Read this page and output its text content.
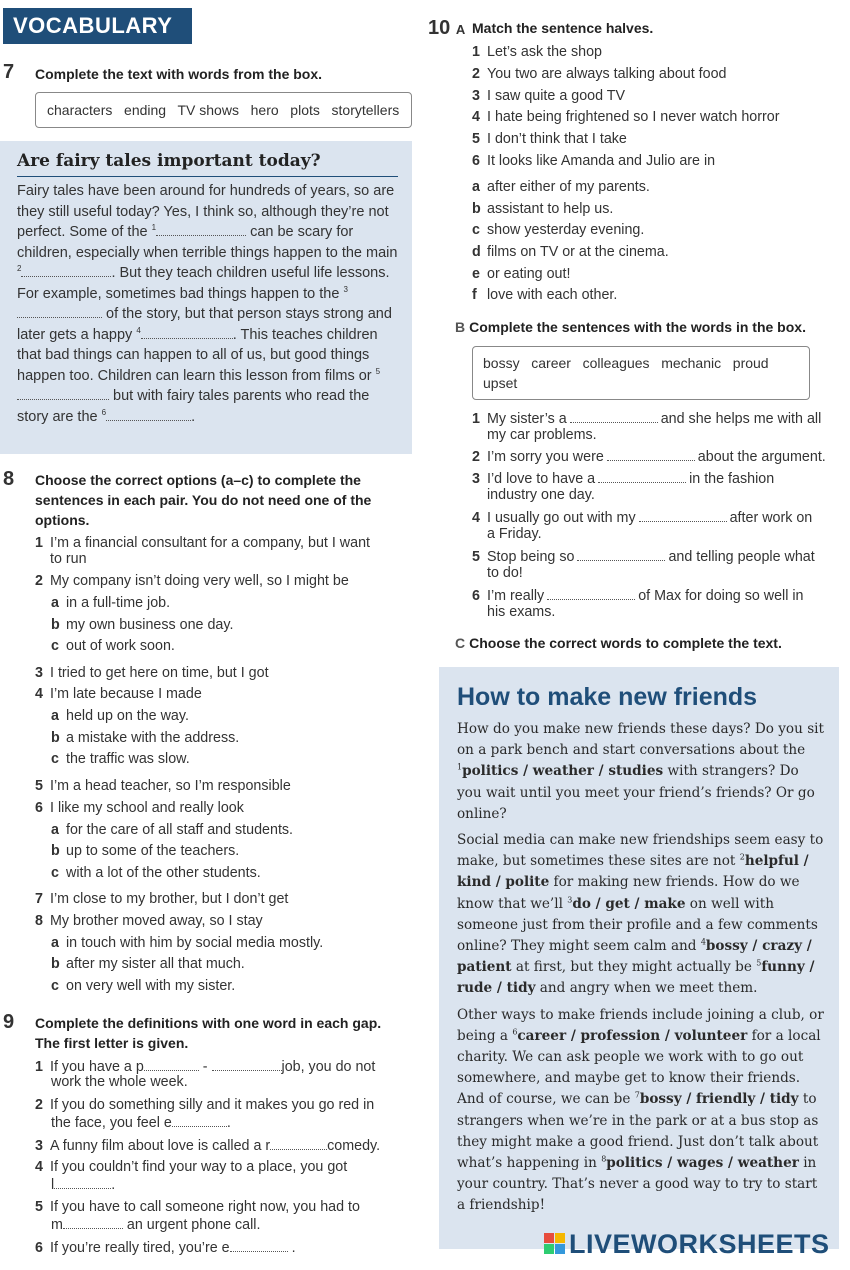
VOCABULARY
7 Complete the text with words from the box.
characters   ending   TV shows   hero   plots   storytellers
Are fairy tales important today?
Fairy tales have been around for hundreds of years, so are they still useful today? Yes, I think so, although they’re not perfect. Some of the $^1$	can be scary for children, especially when terrible things happen to the main $^2$	. But they teach children useful life lessons. For example, sometimes bad things happen to the $^3$ of the story, but that person stays strong and later gets a happy $^4$	. This teaches children that bad things can happen to all of us, but good things happen too. Children can learn this lesson from films or $^5$ but with fairy tales parents who read the story are the $^6$	.
8 Choose the correct options (a–c) to complete the
sentences in each pair. You do not need one of the
options.
1 I’m a financial consultant for a company, but I want
to run
2 My company isn’t doing very well, so I might be
a in a full-time job.
b my own business one day.
c out of work soon.
3 I tried to get here on time, but I got
4 I’m late because I made
a held up on the way.
b a mistake with the address.
c the traffic was slow.
5 I’m a head teacher, so I’m responsible
6 I like my school and really look
a for the care of all staff and students.
b up to some of the teachers.
c with a lot of the other students.
7 I’m close to my brother, but I don’t get
8 My brother moved away, so I stay
a in touch with him by social media mostly.
b after my sister all that much.
c on very well with my sister.
9 Complete the definitions with one word in each gap.
The first letter is given.
1 If you have a p	-	job, you do not
work the whole week.
2 If you do something silly and it makes you go red in
the face, you feel e	.
3 A funny film about love is called a r	comedy.
4 If you couldn’t find your way to a place, you got
l	.
5 If you have to call someone right now, you had to
m	an urgent phone call.
6 If you’re really tired, you’re e	.
10 A Match the sentence halves.
1 Let’s ask the shop
2 You two are always talking about food
3 I saw quite a good TV
4 I hate being frightened so I never watch horror
5 I don’t think that I take
6 It looks like Amanda and Julio are in
a after either of my parents.
b assistant to help us.
c show yesterday evening.
d films on TV or at the cinema.
e or eating out!
f love with each other.
B Complete the sentences with the words in the box.
bossy   career   colleagues   mechanic   proud
upset
1 My sister’s a	and she helps me with all
my car problems.
2 I’m sorry you were	about the argument.
3 I’d love to have a	in the fashion
industry one day.
4 I usually go out with my	after work on
a Friday.
5 Stop being so	and telling people what
to do!
6 I’m really	of Max for doing so well in
his exams.
C Choose the correct words to complete the text.
How to make new friends

How do you make new friends these days? Do you sit on a park bench and start conversations about the $^1$politics / weather / studies with strangers? Do you wait until you meet your friend’s friends? Or go online?

Social media can make new friendships seem easy to make, but sometimes these sites are not $^2$helpful / kind / polite for making new friends. How do we know that we’ll $^3$do / get / make on well with someone just from their profile and a few comments online? They might seem calm and $^4$bossy / crazy / patient at first, but they might actually be $^5$funny / rude / tidy and angry when we meet them.

Other ways to make friends include joining a club, or being a $^6$career / profession / volunteer for a local charity. We can ask people we work with to go out somewhere, and maybe get to know their friends. And of course, we can be $^7$bossy / friendly / tidy to strangers when we’re in the park or at a bus stop as they might make a good friend. Just don’t talk about what’s happening in $^8$politics / wages / weather in your country. That’s never a good way to try to start a friendship!

LIVEWORKSHEETS
